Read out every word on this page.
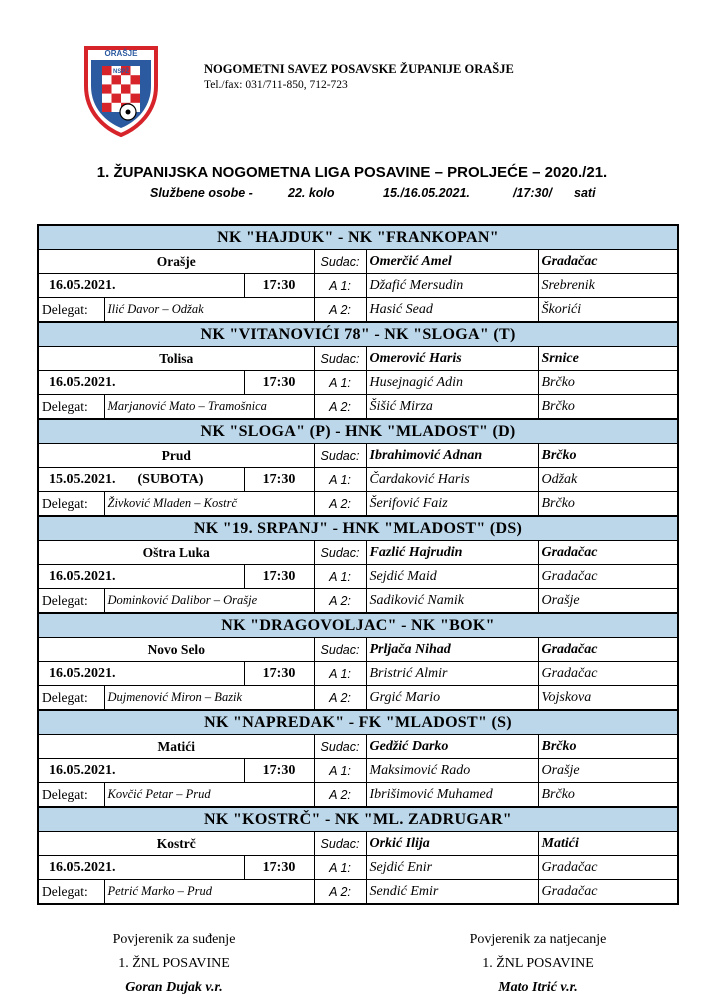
ORAŠJE
NSPŽ	NOGOMETNI SAVEZ POSAVSKE ŽUPANIJE ORAŠJE
Tel./fax: 031/711-850, 712-723
1. ŽUPANIJSKA NOGOMETNA LIGA POSAVINE – PROLJEĆE – 2020./21.
Službene osobe -	22. kolo	15./16.05.2021.	/17:30/ sati
NK "HAJDUK" - NK "FRANKOPAN"					
Orašje			Sudac:	Omerčić Amel	Gradačac
16.05.2021.		17:30	A 1:	Džafić Mersudin	Srebrenik
Delegat:	Ilić Davor – Odžak		A 2:	Hasić Sead	Škorići
NK "VITANOVIĆI 78" - NK "SLOGA" (T)					
Tolisa			Sudac:	Omerović Haris	Srnice
16.05.2021.		17:30	A 1:	Husejnagić Adin	Brčko
Delegat:	Marjanović Mato – Tramošnica		A 2:	Šišić Mirza	Brčko
NK "SLOGA" (P) - HNK "MLADOST" (D)					
Prud			Sudac:	Ibrahimović Adnan	Brčko
15.05.2021. (SUBOTA)		17:30	A 1:	Čardaković Haris	Odžak
Delegat:	Živković Mladen – Kostrč		A 2:	Šerifović Faiz	Brčko
NK "19. SRPANJ" - HNK "MLADOST" (DS)					
Oštra Luka			Sudac:	Fazlić Hajrudin	Gradačac
16.05.2021.		17:30	A 1:	Sejdić Maid	Gradačac
Delegat:	Dominković Dalibor – Orašje		A 2:	Sadiković Namik	Orašje
NK "DRAGOVOLJAC" - NK "BOK"					
Novo Selo			Sudac:	Prljača Nihad	Gradačac
16.05.2021.		17:30	A 1:	Bristrić Almir	Gradačac
Delegat:	Dujmenović Miron – Bazik		A 2:	Grgić Mario	Vojskova
NK "NAPREDAK" - FK "MLADOST" (S)					
Matići			Sudac:	Gedžić Darko	Brčko
16.05.2021.		17:30	A 1:	Maksimović Rado	Orašje
Delegat:	Kovčić Petar – Prud		A 2:	Ibrišimović Muhamed	Brčko
NK "KOSTRČ" - NK "ML. ZADRUGAR"					
Kostrč			Sudac:	Orkić Ilija	Matići
16.05.2021.		17:30	A 1:	Sejdić Enir	Gradačac
Delegat:	Petrić Marko – Prud		A 2:	Sendić Emir	Gradačac
Povjerenik za suđenje
1. ŽNL POSAVINE
Goran Dujak v.r.
Povjerenik za natjecanje
1. ŽNL POSAVINE
Mato Itrić v.r.
